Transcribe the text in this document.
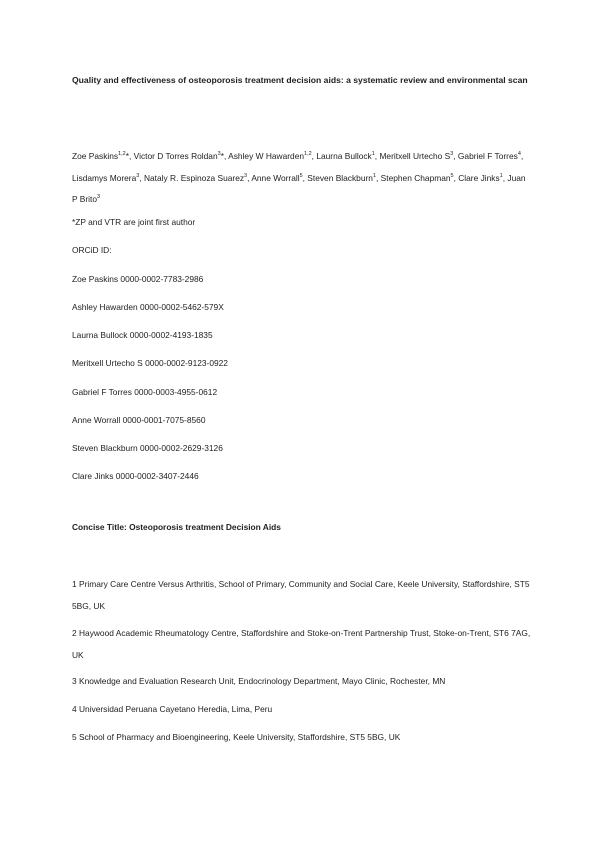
Quality and effectiveness of osteoporosis treatment decision aids: a systematic review and environmental scan
Zoe Paskins$^{1,2}$*, Victor D Torres Roldan$^3$*, Ashley W Hawarden$^{1,2}$, Laurna Bullock$^1$, Meritxell Urtecho $S^3$, Gabriel F Torres$^4$, Lisdamys Morera$^3$, Nataly R. Espinoza Suarez$^3$, Anne Worrall$^5$, Steven Blackburn$^1$, Stephen Chapman$^5$, Clare Jinks$^1$, Juan P Brito$^3$
*ZP and VTR are joint first author
ORCiD ID:
Zoe Paskins 0000-0002-7783-2986
Ashley Hawarden 0000-0002-5462-579X
Laurna Bullock 0000-0002-4193-1835
Meritxell Urtecho S 0000-0002-9123-0922
Gabriel F Torres 0000-0003-4955-0612
Anne Worrall 0000-0001-7075-8560
Steven Blackburn 0000-0002-2629-3126
Clare Jinks 0000-0002-3407-2446
Concise Title: Osteoporosis treatment Decision Aids
1 Primary Care Centre Versus Arthritis, School of Primary, Community and Social Care, Keele University, Staffordshire, ST5 5BG, UK
2 Haywood Academic Rheumatology Centre, Staffordshire and Stoke-on-Trent Partnership Trust, Stoke-on-Trent, ST6 7AG, UK
3 Knowledge and Evaluation Research Unit, Endocrinology Department, Mayo Clinic, Rochester, MN
4 Universidad Peruana Cayetano Heredia, Lima, Peru
5 School of Pharmacy and Bioengineering, Keele University, Staffordshire, ST5 5BG, UK
